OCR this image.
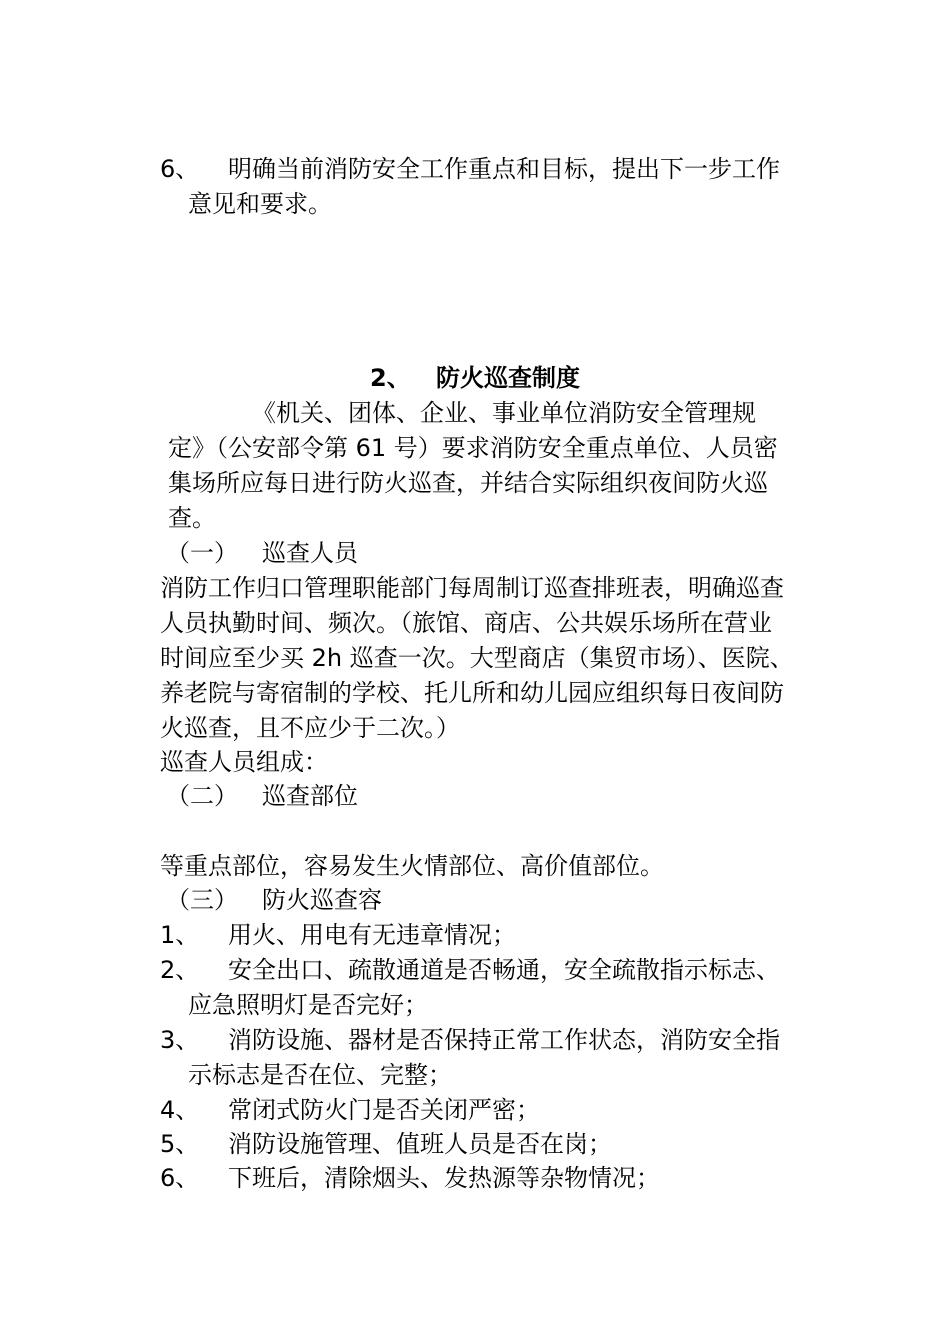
6、 明确当前消防安全工作重点和目标，提出下一步工作
意见和要求。
2、 防火巡查制度
《机关、团体、企业、事业单位消防安全管理规
定》（公安部令第 61 号）要求消防安全重点单位、人员密
集场所应每日进行防火巡查，并结合实际组织夜间防火巡
查。
（一） 巡查人员
消防工作归口管理职能部门每周制订巡查排班表，明确巡查
人员执勤时间、频次。（旅馆、商店、公共娱乐场所在营业
时间应至少买 2h 巡查一次。大型商店（集贸市场）、医院、
养老院与寄宿制的学校、托儿所和幼儿园应组织每日夜间防
火巡查，且不应少于二次。）
巡查人员组成：
（二） 巡查部位
等重点部位，容易发生火情部位、高价值部位。
（三） 防火巡查容
1、 用火、用电有无违章情况；
2、 安全出口、疏散通道是否畅通，安全疏散指示标志、
应急照明灯是否完好；
3、 消防设施、器材是否保持正常工作状态，消防安全指
示标志是否在位、完整；
4、 常闭式防火门是否关闭严密；
5、 消防设施管理、值班人员是否在岗；
6、 下班后，清除烟头、发热源等杂物情况；
